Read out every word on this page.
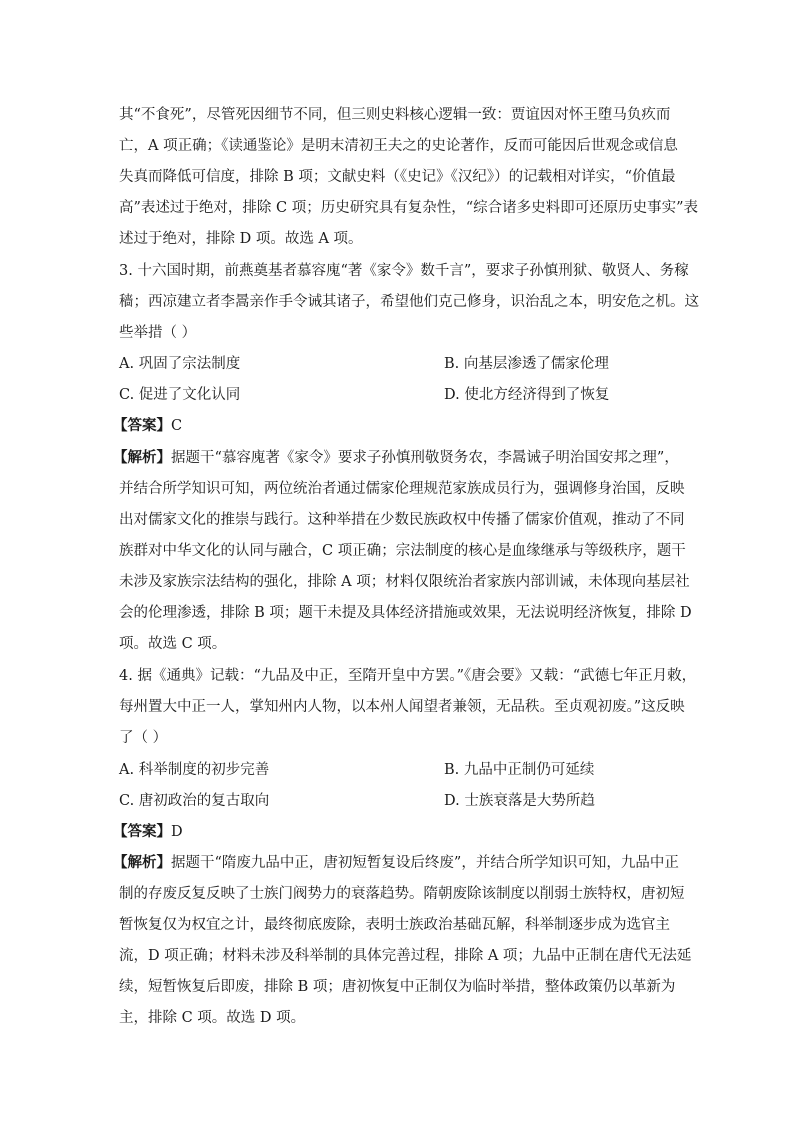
其“不食死”，尽管死因细节不同，但三则史料核心逻辑一致：贾谊因对怀王堕马负疚而
亡，A 项正确；《读通鉴论》是明末清初王夫之的史论著作，反而可能因后世观念或信息
失真而降低可信度，排除 B 项；文献史料（《史记》《汉纪》）的记载相对详实，“价值最
高”表述过于绝对，排除 C 项；历史研究具有复杂性，“综合诸多史料即可还原历史事实”表
述过于绝对，排除 D 项。故选 A 项。
3. 十六国时期，前燕奠基者慕容廆“著《家令》数千言”，要求子孙慎刑狱、敬贤人、务稼
穑；西凉建立者李暠亲作手令诫其诸子，希望他们克己修身，识治乱之本，明安危之机。这
些举措（ ）
A. 巩固了宗法制度	B. 向基层渗透了儒家伦理
C. 促进了文化认同	D. 使北方经济得到了恢复
【答案】C
【解析】据题干“慕容廆著《家令》要求子孙慎刑敬贤务农，李暠诫子明治国安邦之理”，
并结合所学知识可知，两位统治者通过儒家伦理规范家族成员行为，强调修身治国，反映
出对儒家文化的推崇与践行。这种举措在少数民族政权中传播了儒家价值观，推动了不同
族群对中华文化的认同与融合，C 项正确；宗法制度的核心是血缘继承与等级秩序，题干
未涉及家族宗法结构的强化，排除 A 项；材料仅限统治者家族内部训诫，未体现向基层社
会的伦理渗透，排除 B 项；题干未提及具体经济措施或效果，无法说明经济恢复，排除 D
项。故选 C 项。
4. 据《通典》记载：“九品及中正，至隋开皇中方罢。”《唐会要》又载：“武德七年正月敕，
每州置大中正一人，掌知州内人物，以本州人闻望者兼领，无品秩。至贞观初废。”这反映
了（ ）
A. 科举制度的初步完善	B. 九品中正制仍可延续
C. 唐初政治的复古取向	D. 士族衰落是大势所趋
【答案】D
【解析】据题干“隋废九品中正，唐初短暂复设后终废”，并结合所学知识可知，九品中正
制的存废反复反映了士族门阀势力的衰落趋势。隋朝废除该制度以削弱士族特权，唐初短
暂恢复仅为权宜之计，最终彻底废除，表明士族政治基础瓦解，科举制逐步成为选官主
流，D 项正确；材料未涉及科举制的具体完善过程，排除 A 项；九品中正制在唐代无法延
续，短暂恢复后即废，排除 B 项；唐初恢复中正制仅为临时举措，整体政策仍以革新为
主，排除 C 项。故选 D 项。
